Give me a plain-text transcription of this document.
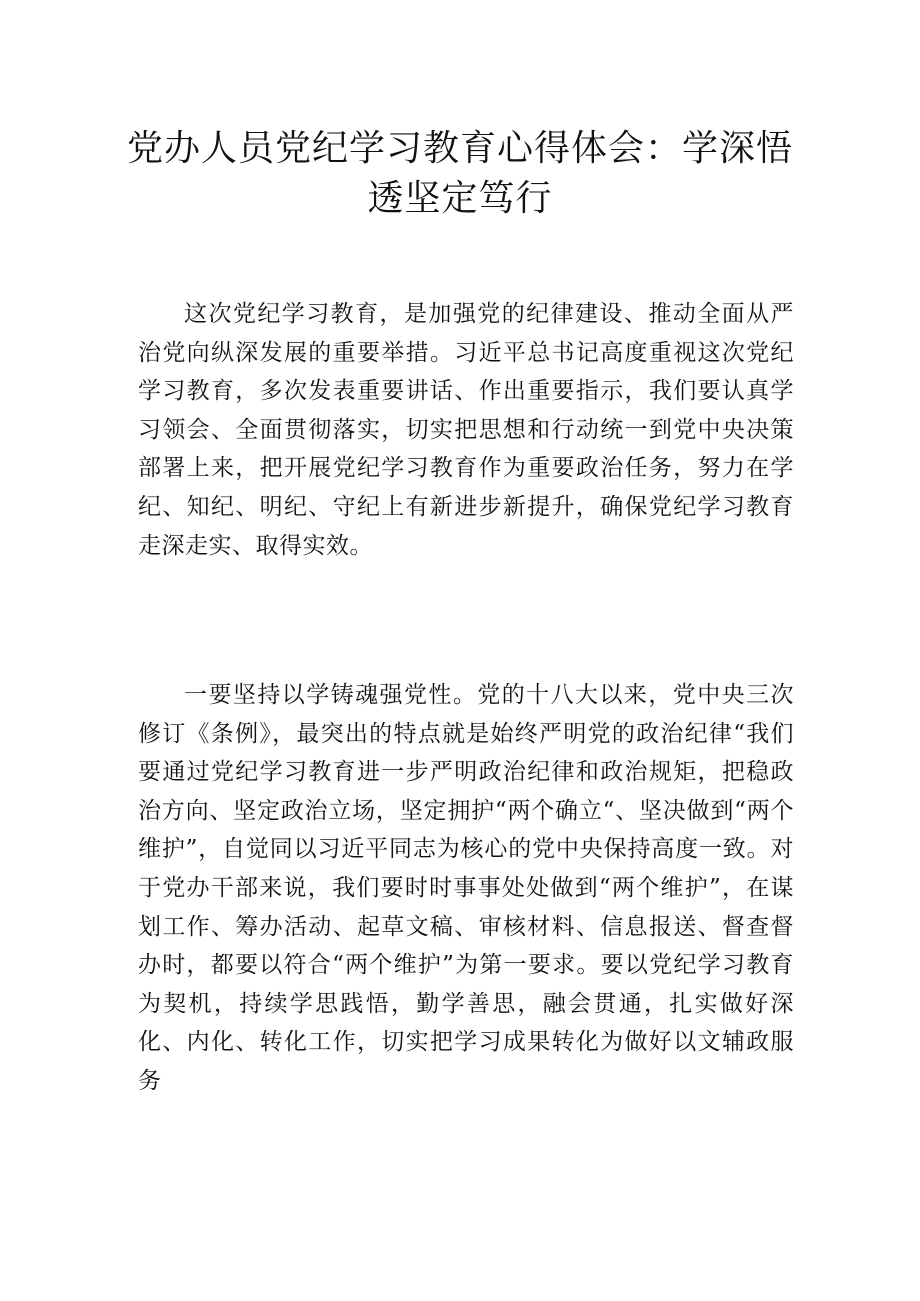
党办人员党纪学习教育心得体会：学深悟透坚定笃行

这次党纪学习教育，是加强党的纪律建设、推动全面从严治党向纵深发展的重要举措。习近平总书记高度重视这次党纪学习教育，多次发表重要讲话、作出重要指示，我们要认真学习领会、全面贯彻落实，切实把思想和行动统一到党中央决策部署上来，把开展党纪学习教育作为重要政治任务，努力在学纪、知纪、明纪、守纪上有新进步新提升，确保党纪学习教育走深走实、取得实效。

一要坚持以学铸魂强党性。党的十八大以来，党中央三次修订《条例》，最突出的特点就是始终严明党的政治纪律“我们要通过党纪学习教育进一步严明政治纪律和政治规矩，把稳政治方向、坚定政治立场，坚定拥护“两个确立“、坚决做到“两个维护”，自觉同以习近平同志为核心的党中央保持高度一致。对于党办干部来说，我们要时时事事处处做到“两个维护”，在谋划工作、筹办活动、起草文稿、审核材料、信息报送、督查督办时，都要以符合“两个维护”为第一要求。要以党纪学习教育为契机，持续学思践悟，勤学善思，融会贯通，扎实做好深化、内化、转化工作，切实把学习成果转化为做好以文辅政服务
